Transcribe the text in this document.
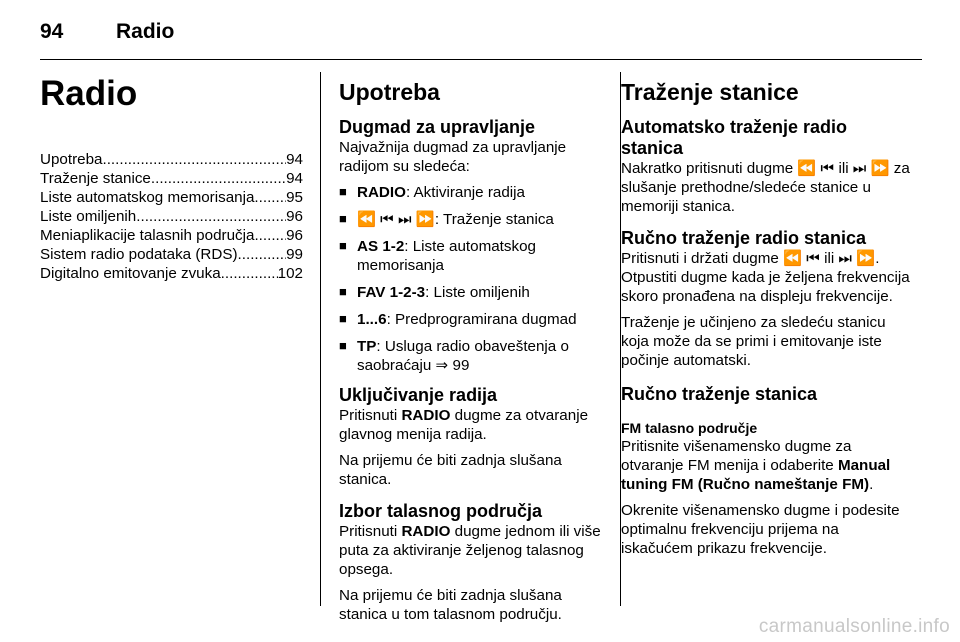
94	Radio
Radio
Upotreba .....	94
Traženje stanice .....	94
Liste automatskog memorisanja ..... 95
Liste omiljenih .....	96
Meniaplikacije talasnih područja ..... 96
Sistem radio podataka (RDS) .....	99
Digitalno emitovanje zvuka .....	102
Upotreba
Dugmad za upravljanje

Najvažnija dugmad za upravljanje radijom su sledeća:

■ RADIO: Aktiviranje radija
■ ⏪ ⏮ ⏭ ⏩: Traženje stanica
■ AS 1-2: Liste automatskog memorisanja
■ FAV 1-2-3: Liste omiljenih
■ 1...6: Predprogramirana dugmad
■ TP: Usluga radio obaveštenja o saobraćaju ⇒ 99
Uključivanje radija

Pritisnuti RADIO dugme za otvaranje glavnog menija radija.

Na prijemu će biti zadnja slušana stanica.

Izbor talasnog područja

Pritisnuti RADIO dugme jednom ili više puta za aktiviranje željenog talasnog opsega.

Na prijemu će biti zadnja slušana stanica u tom talasnom području.

Traženje stanice
Automatsko traženje radio stanica

Nakratko pritisnuti dugme ⏪ ⏮ ili ⏭ ⏩ za slušanje prethodne/sledeće stanice u memoriji stanica.

Ručno traženje radio stanica

Pritisnuti i držati dugme ⏪ ⏮ ili ⏭ ⏩. Otpustiti dugme kada je željena frekvencija skoro pronađena na displeju frekvencije.

Traženje je učinjeno za sledeću stanicu koja može da se primi i emitovanje iste počinje automatski.

Ručno traženje stanica
FM talasno područje

Pritisnite višenamensko dugme za otvaranje FM menija i odaberite Manual tuning FM (Ručno nameštanje FM).

Okrenite višenamensko dugme i podesite optimalnu frekvenciju prijema na iskačućem prikazu frekvencije.

carmanualsonline.info
